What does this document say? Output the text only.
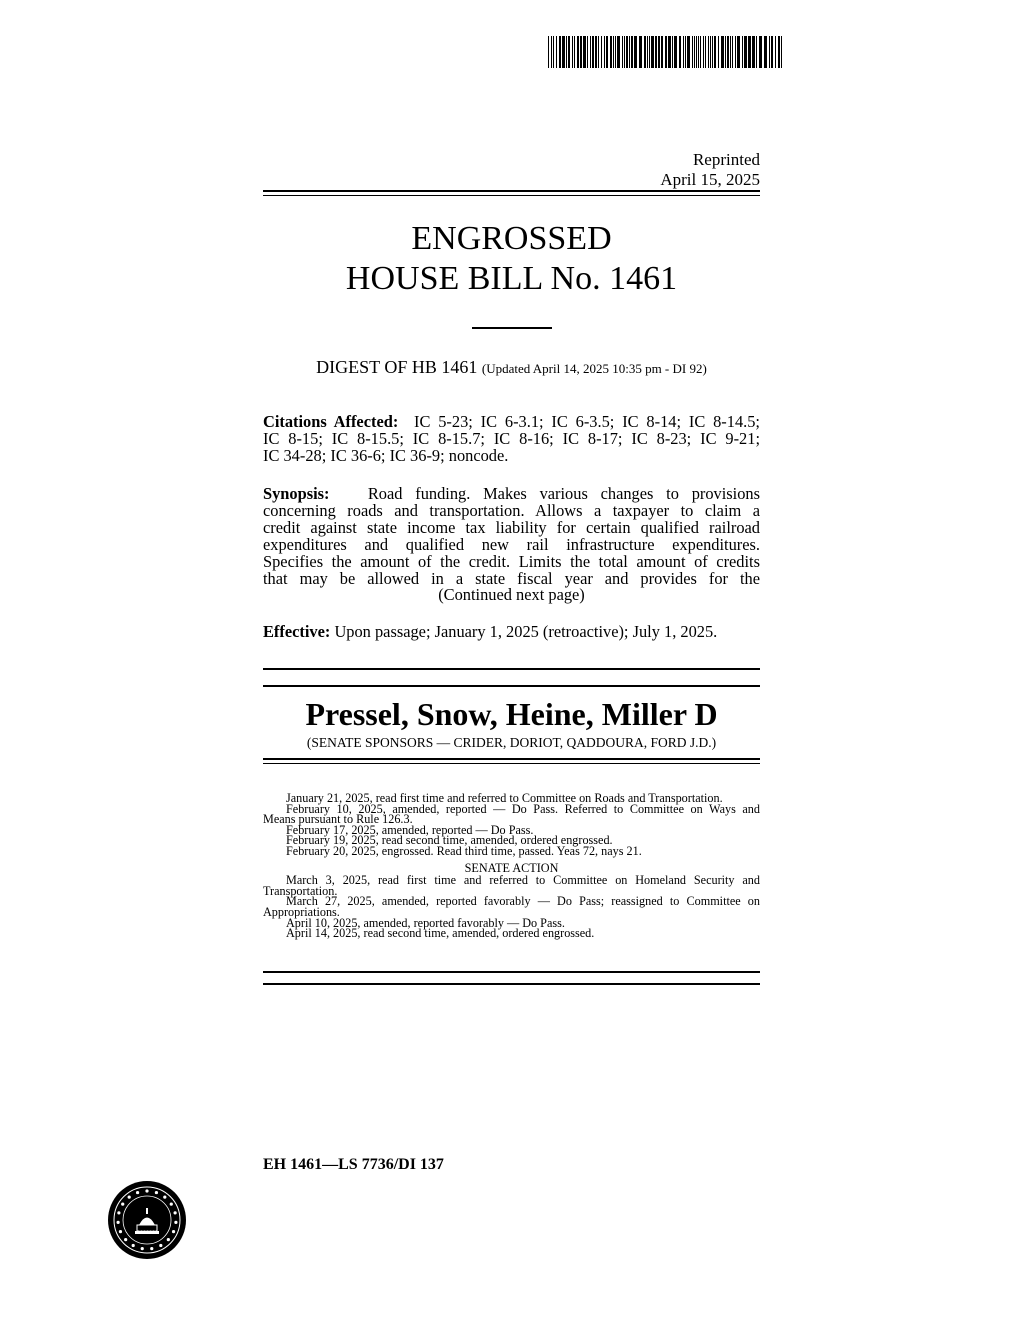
Reprinted
April 15, 2025
ENGROSSED
HOUSE BILL No. 1461
DIGEST OF HB 1461 (Updated April 14, 2025 10:35 pm - DI 92)
Citations Affected: IC 5-23; IC 6-3.1; IC 6-3.5; IC 8-14; IC 8-14.5;
IC 8-15; IC 8-15.5; IC 8-15.7; IC 8-16; IC 8-17; IC 8-23; IC 9-21;
IC 34-28; IC 36-6; IC 36-9; noncode.
Synopsis: Road funding. Makes various changes to provisions
concerning roads and transportation. Allows a taxpayer to claim a
credit against state income tax liability for certain qualified railroad
expenditures and qualified new rail infrastructure expenditures.
Specifies the amount of the credit. Limits the total amount of credits
that may be allowed in a state fiscal year and provides for the
(Continued next page)
Effective: Upon passage; January 1, 2025 (retroactive); July 1, 2025.
Pressel, Snow, Heine, Miller D
(SENATE SPONSORS — CRIDER, DORIOT, QADDOURA, FORD J.D.)
January 21, 2025, read first time and referred to Committee on Roads and Transportation.
February 10, 2025, amended, reported — Do Pass. Referred to Committee on Ways and
Means pursuant to Rule 126.3.
February 17, 2025, amended, reported — Do Pass.
February 19, 2025, read second time, amended, ordered engrossed.
February 20, 2025, engrossed. Read third time, passed. Yeas 72, nays 21.
SENATE ACTION
March 3, 2025, read first time and referred to Committee on Homeland Security and
Transportation.
March 27, 2025, amended, reported favorably — Do Pass; reassigned to Committee on
Appropriations.
April 10, 2025, amended, reported favorably — Do Pass.
April 14, 2025, read second time, amended, ordered engrossed.
EH 1461—LS 7736/DI 137
